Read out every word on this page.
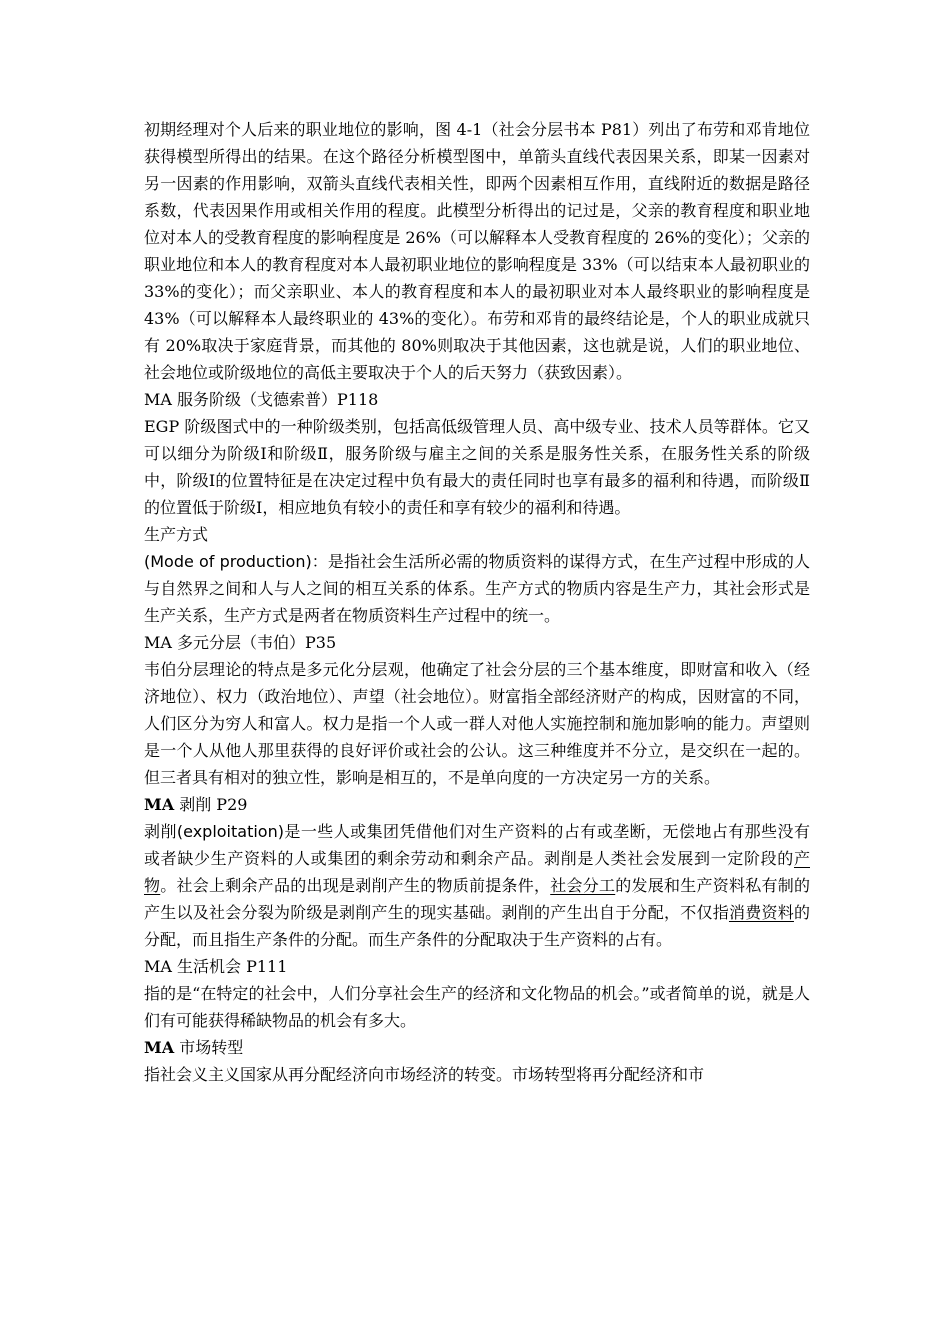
初期经理对个人后来的职业地位的影响，图 4-1（社会分层书本 P81）列出了布劳和邓肯地位获得模型所得出的结果。在这个路径分析模型图中，单箭头直线代表因果关系，即某一因素对另一因素的作用影响，双箭头直线代表相关性，即两个因素相互作用，直线附近的数据是路径系数，代表因果作用或相关作用的程度。此模型分析得出的记过是，父亲的教育程度和职业地位对本人的受教育程度的影响程度是 26%（可以解释本人受教育程度的 26%的变化）；父亲的职业地位和本人的教育程度对本人最初职业地位的影响程度是 33%（可以结束本人最初职业的 33%的变化）；而父亲职业、本人的教育程度和本人的最初职业对本人最终职业的影响程度是 43%（可以解释本人最终职业的 43%的变化）。布劳和邓肯的最终结论是，个人的职业成就只有 20%取决于家庭背景，而其他的 80%则取决于其他因素，这也就是说，人们的职业地位、社会地位或阶级地位的高低主要取决于个人的后天努力（获致因素）。

MA 服务阶级（戈德索普）P118

EGP 阶级图式中的一种阶级类别，包括高低级管理人员、高中级专业、技术人员等群体。它又可以细分为阶级Ⅰ和阶级Ⅱ，服务阶级与雇主之间的关系是服务性关系，在服务性关系的阶级中，阶级Ⅰ的位置特征是在决定过程中负有最大的责任同时也享有最多的福利和待遇，而阶级Ⅱ的位置低于阶级Ⅰ，相应地负有较小的责任和享有较少的福利和待遇。

生产方式

(Mode of production)：是指社会生活所必需的物质资料的谋得方式，在生产过程中形成的人与自然界之间和人与人之间的相互关系的体系。生产方式的物质内容是生产力，其社会形式是生产关系，生产方式是两者在物质资料生产过程中的统一。

MA 多元分层（韦伯）P35

韦伯分层理论的特点是多元化分层观，他确定了社会分层的三个基本维度，即财富和收入（经济地位）、权力（政治地位）、声望（社会地位）。财富指全部经济财产的构成，因财富的不同，人们区分为穷人和富人。权力是指一个人或一群人对他人实施控制和施加影响的能力。声望则是一个人从他人那里获得的良好评价或社会的公认。这三种维度并不分立，是交织在一起的。但三者具有相对的独立性，影响是相互的，不是单向度的一方决定另一方的关系。

MA 剥削 P29

剥削(exploitation)是一些人或集团凭借他们对生产资料的占有或垄断，无偿地占有那些没有或者缺少生产资料的人或集团的剩余劳动和剩余产品。剥削是人类社会发展到一定阶段的产物。社会上剩余产品的出现是剥削产生的物质前提条件，社会分工的发展和生产资料私有制的产生以及社会分裂为阶级是剥削产生的现实基础。剥削的产生出自于分配，不仅指消费资料的分配，而且指生产条件的分配。而生产条件的分配取决于生产资料的占有。

MA 生活机会 P111

指的是“在特定的社会中，人们分享社会生产的经济和文化物品的机会。”或者简单的说，就是人们有可能获得稀缺物品的机会有多大。

MA 市场转型

指社会义主义国家从再分配经济向市场经济的转变。市场转型将再分配经济和市
